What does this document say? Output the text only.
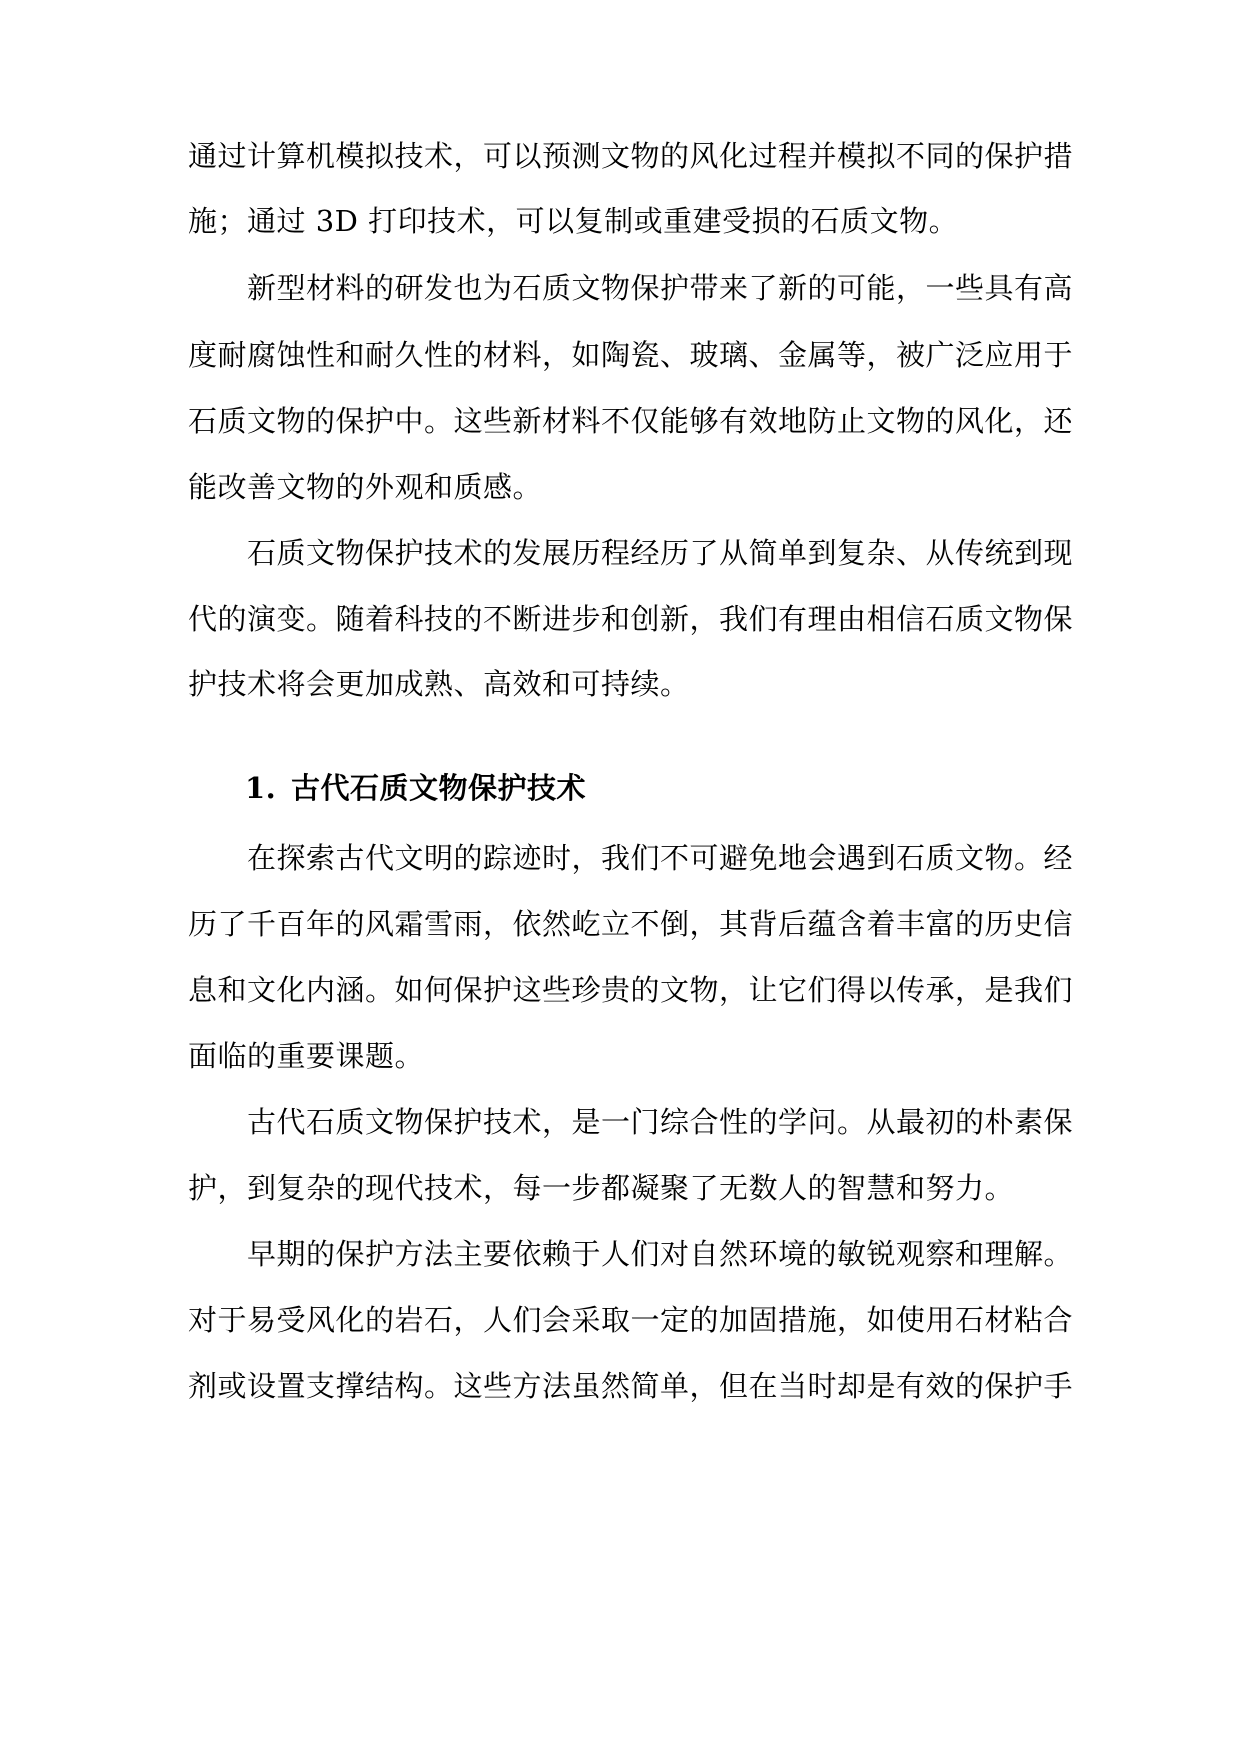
通过计算机模拟技术，可以预测文物的风化过程并模拟不同的保护措
施；通过 3D 打印技术，可以复制或重建受损的石质文物。
新型材料的研发也为石质文物保护带来了新的可能，一些具有高
度耐腐蚀性和耐久性的材料，如陶瓷、玻璃、金属等，被广泛应用于
石质文物的保护中。这些新材料不仅能够有效地防止文物的风化，还
能改善文物的外观和质感。
石质文物保护技术的发展历程经历了从简单到复杂、从传统到现
代的演变。随着科技的不断进步和创新，我们有理由相信石质文物保
护技术将会更加成熟、高效和可持续。
1. 古代石质文物保护技术
在探索古代文明的踪迹时，我们不可避免地会遇到石质文物。经
历了千百年的风霜雪雨，依然屹立不倒，其背后蕴含着丰富的历史信
息和文化内涵。如何保护这些珍贵的文物，让它们得以传承，是我们
面临的重要课题。
古代石质文物保护技术，是一门综合性的学问。从最初的朴素保
护，到复杂的现代技术，每一步都凝聚了无数人的智慧和努力。
早期的保护方法主要依赖于人们对自然环境的敏锐观察和理解。
对于易受风化的岩石，人们会采取一定的加固措施，如使用石材粘合
剂或设置支撑结构。这些方法虽然简单，但在当时却是有效的保护手
